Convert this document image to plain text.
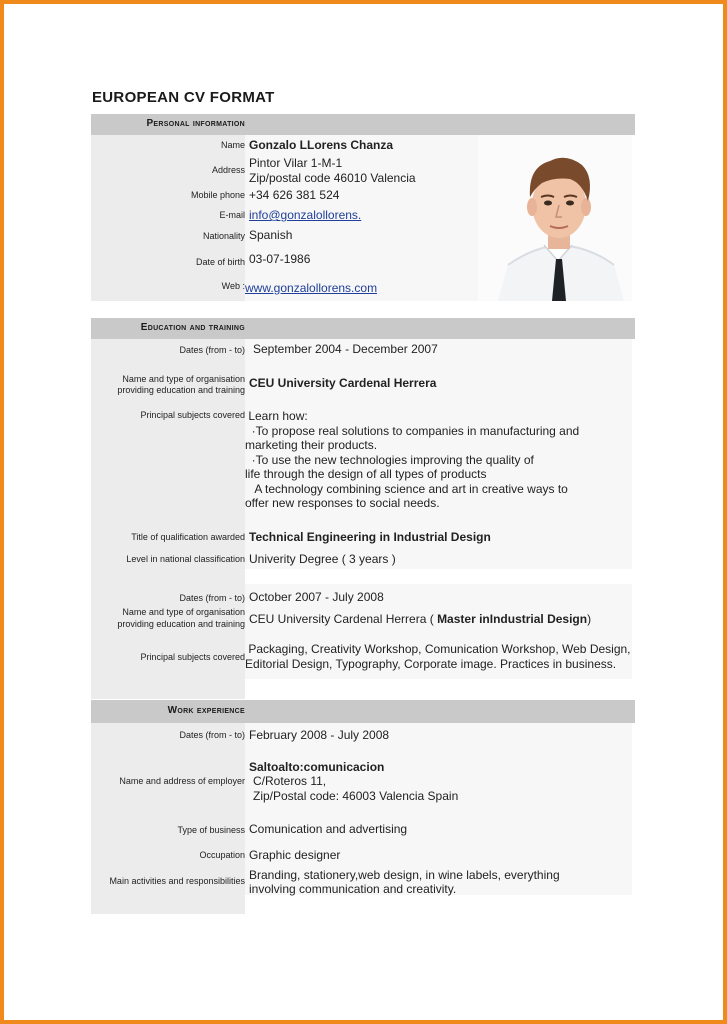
EUROPEAN CV FORMAT
Personal information
Name Gonzalo LLorens Chanza
Address Pintor Vilar 1-M-1
Zip/postal code 46010 Valencia
Mobile phone +34 626 381 524
E-mail info@gonzalollorens.
Nationality Spanish
Date of birth 03-07-1986
Web : www.gonzalollorens.com
Education and training
Dates (from - to) September 2004 - December 2007
Name and type of organisation
providing education and training CEU University Cardenal Herrera
Principal subjects covered Learn how:
·To propose real solutions to companies in manufacturing and
marketing their products.
·To use the new technologies improving the quality of
life through the design of all types of products
A technology combining science and art in creative ways to
offer new responses to social needs.
Title of qualification awarded Technical Engineering in Industrial Design
Level in national classification Univerity Degree ( 3 years )
Dates (from - to) October 2007 - July 2008
Name and type of organisation
providing education and training CEU University Cardenal Herrera ( Master inIndustrial Design)
Principal subjects covered
Packaging, Creativity Workshop, Comunication Workshop, Web Design,
Editorial Design, Typography, Corporate image. Practices in business.
Work experience
Dates (from - to) February 2008 - July 2008
Name and address of employer
Saltoalto:comunicacion
C/Roteros 11,
Zip/Postal code: 46003 Valencia Spain
Type of business Comunication and advertising
Occupation Graphic designer
Main activities and responsibilities Branding, stationery,web design, in wine labels, everything
involving communication and creativity.
